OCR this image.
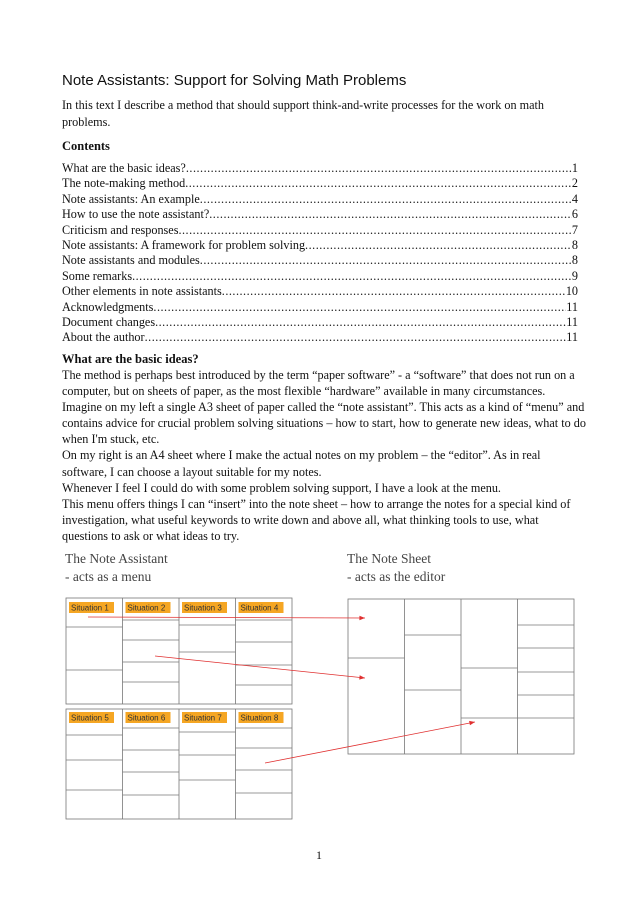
Note Assistants: Support for Solving Math Problems
In this text I describe a method that should support think-and-write processes for the work on math problems.
Contents
What are the basic ideas? .....	1
The note-making method .....	2
Note assistants: An example .....	4
How to use the note assistant? .....	6
Criticism and responses .....	7
Note assistants: A framework for problem solving .....	8
Note assistants and modules .....	8
Some remarks .....	9
Other elements in note assistants .....	10
Acknowledgments .....	11
Document changes .....	11
About the author .....	11
What are the basic ideas?

The method is perhaps best introduced by the term “paper software” - a “software” that does not run on a computer, but on sheets of paper, as the most flexible “hardware” available in many circumstances.

Imagine on my left a single A3 sheet of paper called the “note assistant”. This acts as a kind of “menu” and contains advice for crucial problem solving situations – how to start, how to generate new ideas, what to do when I'm stuck, etc.

On my right is an A4 sheet where I make the actual notes on my problem – the “editor”. As in real software, I can choose a layout suitable for my notes.

Whenever I feel I could do with some problem solving support, I have a look at the menu.

This menu offers things I can “insert” into the note sheet – how to arrange the notes for a special kind of investigation, what useful keywords to write down and above all, what thinking tools to use, what questions to ask or what ideas to try.

The Note Assistant
- acts as a menu
The Note Sheet
- acts as the editor
Situation 1 Situation 2 Situation 3 Situation 4
Situation 5 Situation 6 Situation 7 Situation 8
1
